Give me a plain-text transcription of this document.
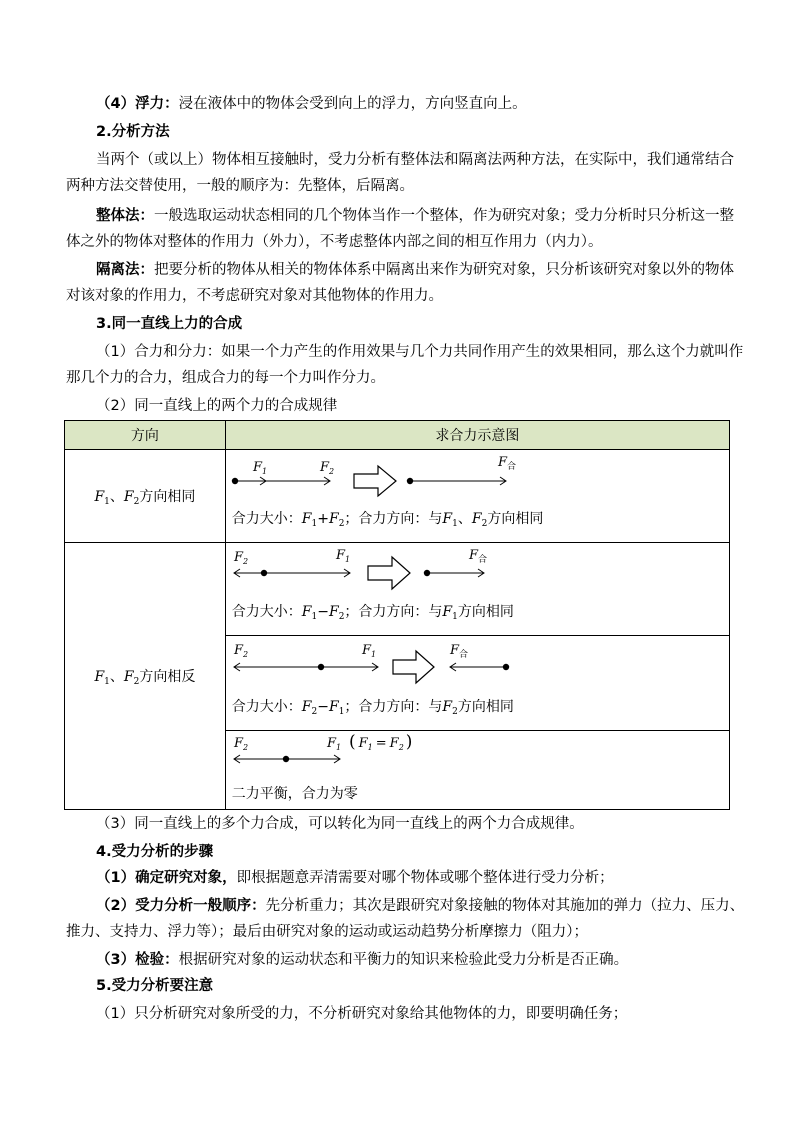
（4）浮力：浸在液体中的物体会受到向上的浮力，方向竖直向上。
2.分析方法
当两个（或以上）物体相互接触时，受力分析有整体法和隔离法两种方法，在实际中，我们通常结合
两种方法交替使用，一般的顺序为：先整体，后隔离。
整体法：一般选取运动状态相同的几个物体当作一个整体，作为研究对象；受力分析时只分析这一整
体之外的物体对整体的作用力（外力），不考虑整体内部之间的相互作用力（内力）。
隔离法：把要分析的物体从相关的物体体系中隔离出来作为研究对象，只分析该研究对象以外的物体
对该对象的作用力，不考虑研究对象对其他物体的作用力。
3.同一直线上力的合成
（1）合力和分力：如果一个力产生的作用效果与几个力共同作用产生的效果相同，那么这个力就叫作
那几个力的合力，组成合力的每一个力叫作分力。
（2）同一直线上的两个力的合成规律
方向	求合力示意图
$F_1$、$F_2$方向相同	$F_1$ $F_2$
$F_合$
合力大小：$F_1+F_2$；合力方向：与$F_1$、$F_2$方向相同

$F_1$、$F_2$方向相反	$F_2$ $F_1$ $F_合$
合力大小：$F_1-F_2$；合力方向：与$F_1$方向相同

$F_2$ $F_1$ $F_合$
合力大小：$F_2-F_1$；合力方向：与$F_2$方向相同

$F_2$ $F_1$ ( $F_1 = F_2$ )
二力平衡，合力为零
（3）同一直线上的多个力合成，可以转化为同一直线上的两个力合成规律。
4.受力分析的步骤
（1）确定研究对象，即根据题意弄清需要对哪个物体或哪个整体进行受力分析；
（2）受力分析一般顺序：先分析重力；其次是跟研究对象接触的物体对其施加的弹力（拉力、压力、
推力、支持力、浮力等）；最后由研究对象的运动或运动趋势分析摩擦力（阻力）；
（3）检验：根据研究对象的运动状态和平衡力的知识来检验此受力分析是否正确。
5.受力分析要注意
（1）只分析研究对象所受的力，不分析研究对象给其他物体的力，即要明确任务；
